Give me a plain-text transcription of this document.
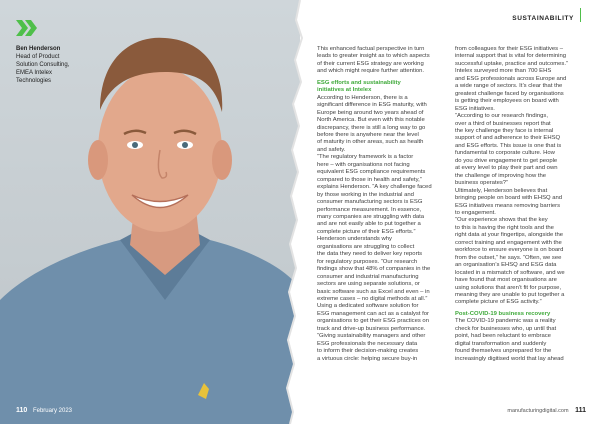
Ben Henderson
Head of Product
Solution Consulting,
EMEA Intelex
Technologies
110 February 2023
SUSTAINABILITY

This enhanced factual perspective in turn
leads to greater insight as to which aspects
of their current ESG strategy are working
and which might require further attention.

ESG efforts and sustainability
initiatives at Intelex

According to Henderson, there is a
significant difference in ESG maturity, with
Europe being around two years ahead of
North America. But even with this notable
discrepancy, there is still a long way to go
before there is anywhere near the level
of maturity in other areas, such as health
and safety.

“The regulatory framework is a factor
here – with organisations not facing
equivalent ESG compliance requirements
compared to those in health and safety,”
explains Henderson. “A key challenge faced
by those working in the industrial and
consumer manufacturing sectors is ESG
performance measurement. In essence,
many companies are struggling with data
and are not easily able to put together a
complete picture of their ESG efforts.”

Henderson understands why
organisations are struggling to collect
the data they need to deliver key reports
for regulatory purposes. “Our research
findings show that 48% of companies in the
consumer and industrial manufacturing
sectors are using separate solutions, or
basic software such as Excel and even – in
extreme cases – no digital methods at all.”

Using a dedicated software solution for
ESG management can act as a catalyst for
organisations to get their ESG practices on
track and drive-up business performance.
“Giving sustainability managers and other
ESG professionals the necessary data
to inform their decision-making creates
a virtuous circle: helping secure buy-in

from colleagues for their ESG initiatives –
internal support that is vital for determining
successful uptake, practice and outcomes.”

Intelex surveyed more than 700 EHS
and ESG professionals across Europe and
a wide range of sectors. It’s clear that the
greatest challenge faced by organisations
is getting their employees on board with
ESG initiatives.

“According to our research findings,
over a third of businesses report that
the key challenge they face is internal
support of and adherence to their EHSQ
and ESG efforts. This issue is one that is
fundamental to corporate culture. How
do you drive engagement to get people
at every level to play their part and own
the challenge of improving how the
business operates?”

Ultimately, Henderson believes that
bringing people on board with EHSQ and
ESG initiatives means removing barriers
to engagement.

“Our experience shows that the key
to this is having the right tools and the
right data at your fingertips, alongside the
correct training and engagement with the
workforce to ensure everyone is on board
from the outset,” he says. “Often, we see
an organisation’s EHSQ and ESG data
located in a mismatch of software, and we
have found that most organisations are
using solutions that aren’t fit for purpose,
meaning they are unable to put together a
complete picture of ESG activity.”

Post-COVID-19 business recovery

The COVID-19 pandemic was a reality
check for businesses who, up until that
point, had been reluctant to embrace
digital transformation and suddenly
found themselves unprepared for the
increasingly digitised world that lay ahead

manufacturingdigital.com 111
